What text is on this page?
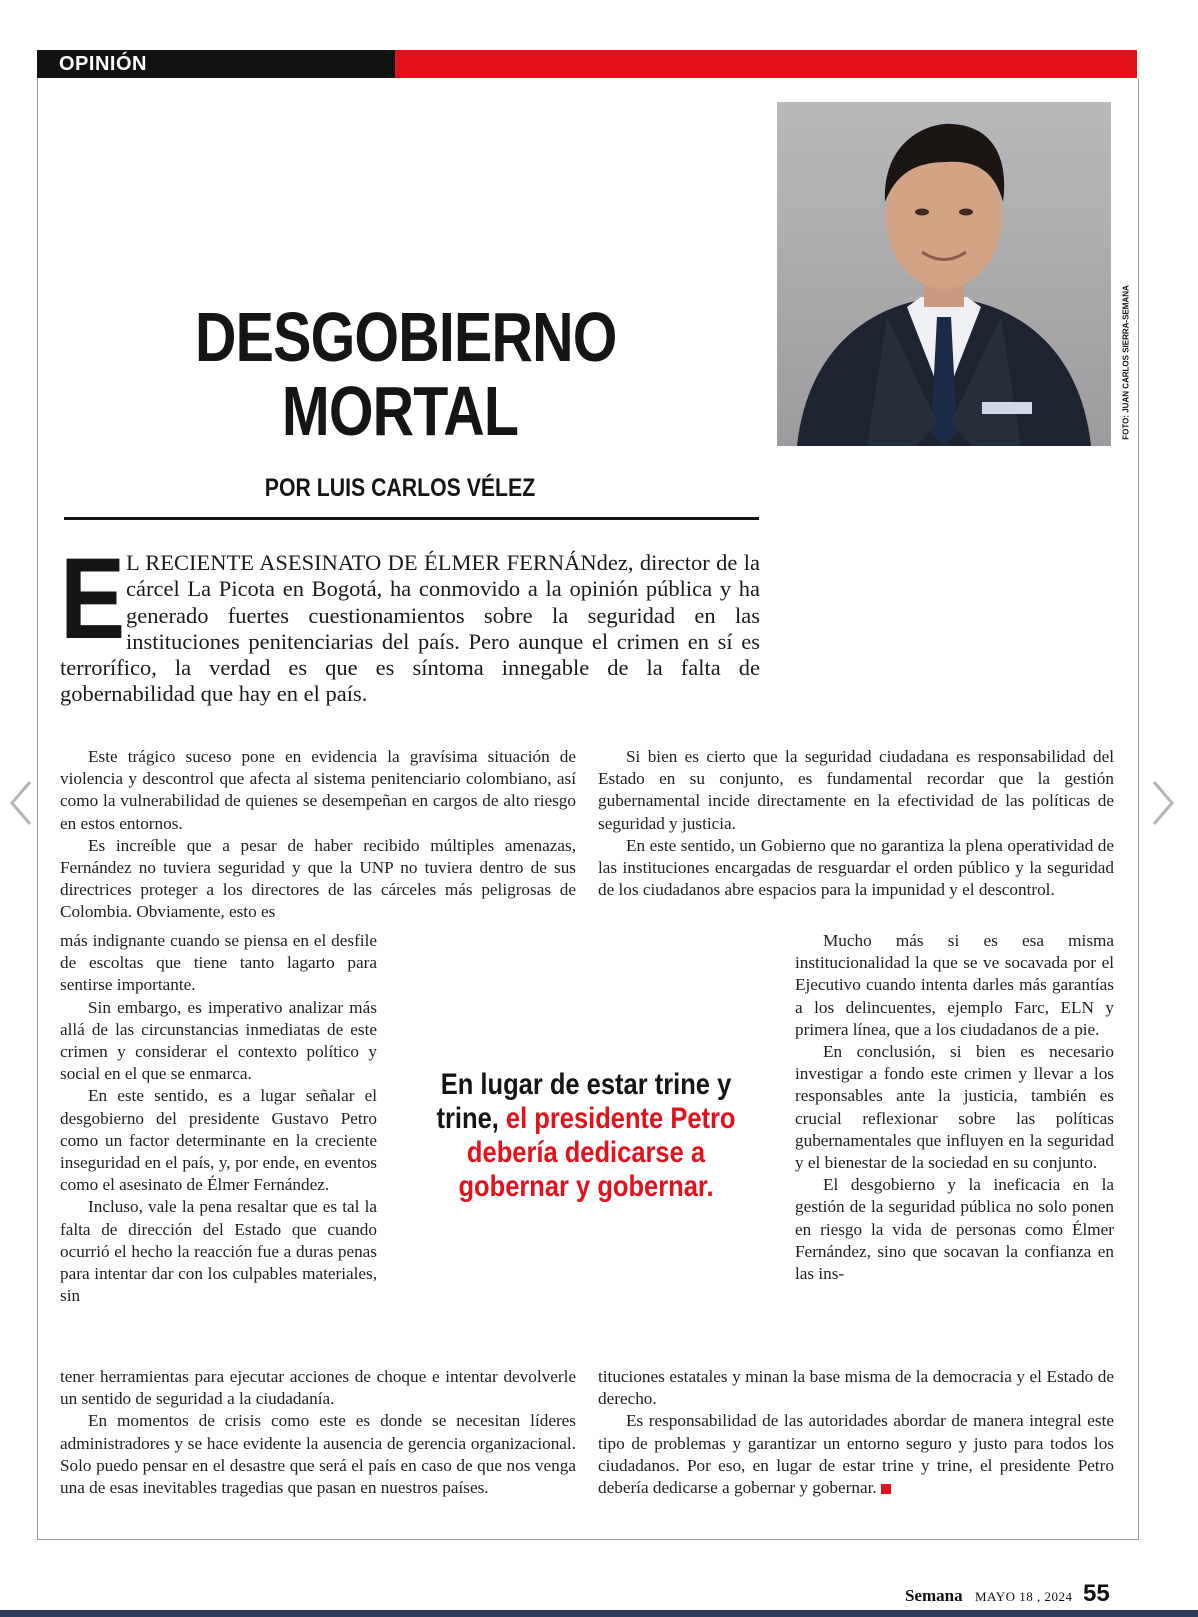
OPINIÓN
FOTO: JUAN CARLOS SIERRA-SEMANA
DESGOBIERNO
MORTAL
POR LUIS CARLOS VÉLEZ
E L RECIENTE ASESINATO DE ÉLMER FERNÁNdez, director de la cárcel La Picota en Bogotá, ha conmovido a la opinión pública y ha generado fuertes cuestionamientos sobre la seguridad en las instituciones penitenciarias del país. Pero aunque el crimen en sí es terrorífico, la verdad es que es síntoma innegable de la falta de gobernabilidad que hay en el país.

Este trágico suceso pone en evidencia la gravísima situación de violencia y descontrol que afecta al sistema penitenciario colombiano, así como la vulnerabilidad de quienes se desempeñan en cargos de alto riesgo en estos entornos.

Es increíble que a pesar de haber recibido múltiples amenazas, Fernández no tuviera seguridad y que la UNP no tuviera dentro de sus directrices proteger a los directores de las cárceles más peligrosas de Colombia. Obviamente, esto es

más indignante cuando se piensa en el desfile de escoltas que tiene tanto lagarto para sentirse importante.

Sin embargo, es imperativo analizar más allá de las circunstancias inmediatas de este crimen y considerar el contexto político y social en el que se enmarca.

En este sentido, es a lugar señalar el desgobierno del presidente Gustavo Petro como un factor determinante en la creciente inseguridad en el país, y, por ende, en eventos como el asesinato de Élmer Fernández.

Incluso, vale la pena resaltar que es tal la falta de dirección del Estado que cuando ocurrió el hecho la reacción fue a duras penas para intentar dar con los culpables materiales, sin

tener herramientas para ejecutar acciones de choque e intentar devolverle un sentido de seguridad a la ciudadanía.

En momentos de crisis como este es donde se necesitan líderes administradores y se hace evidente la ausencia de gerencia organizacional. Solo puedo pensar en el desastre que será el país en caso de que nos venga una de esas inevitables tragedias que pasan en nuestros países.

Si bien es cierto que la seguridad ciudadana es responsabilidad del Estado en su conjunto, es fundamental recordar que la gestión gubernamental incide directamente en la efectividad de las políticas de seguridad y justicia.

En este sentido, un Gobierno que no garantiza la plena operatividad de las instituciones encargadas de resguardar el orden público y la seguridad de los ciudadanos abre espacios para la impunidad y el descontrol.

Mucho más si es esa misma institucionalidad la que se ve socavada por el Ejecutivo cuando intenta darles más garantías a los delincuentes, ejemplo Farc, ELN y primera línea, que a los ciudadanos de a pie.

En conclusión, si bien es necesario investigar a fondo este crimen y llevar a los responsables ante la justicia, también es crucial reflexionar sobre las políticas gubernamentales que influyen en la seguridad y el bienestar de la sociedad en su conjunto.

El desgobierno y la ineficacia en la gestión de la seguridad pública no solo ponen en riesgo la vida de personas como Élmer Fernández, sino que socavan la confianza en las ins-

tituciones estatales y minan la base misma de la democracia y el Estado de derecho.

Es responsabilidad de las autoridades abordar de manera integral este tipo de problemas y garantizar un entorno seguro y justo para todos los ciudadanos. Por eso, en lugar de estar trine y trine, el presidente Petro debería dedicarse a gobernar y gobernar.

En lugar de estar trine y trine, el presidente Petro debería dedicarse a gobernar y gobernar.
Semana MAYO 18 , 2024 55
